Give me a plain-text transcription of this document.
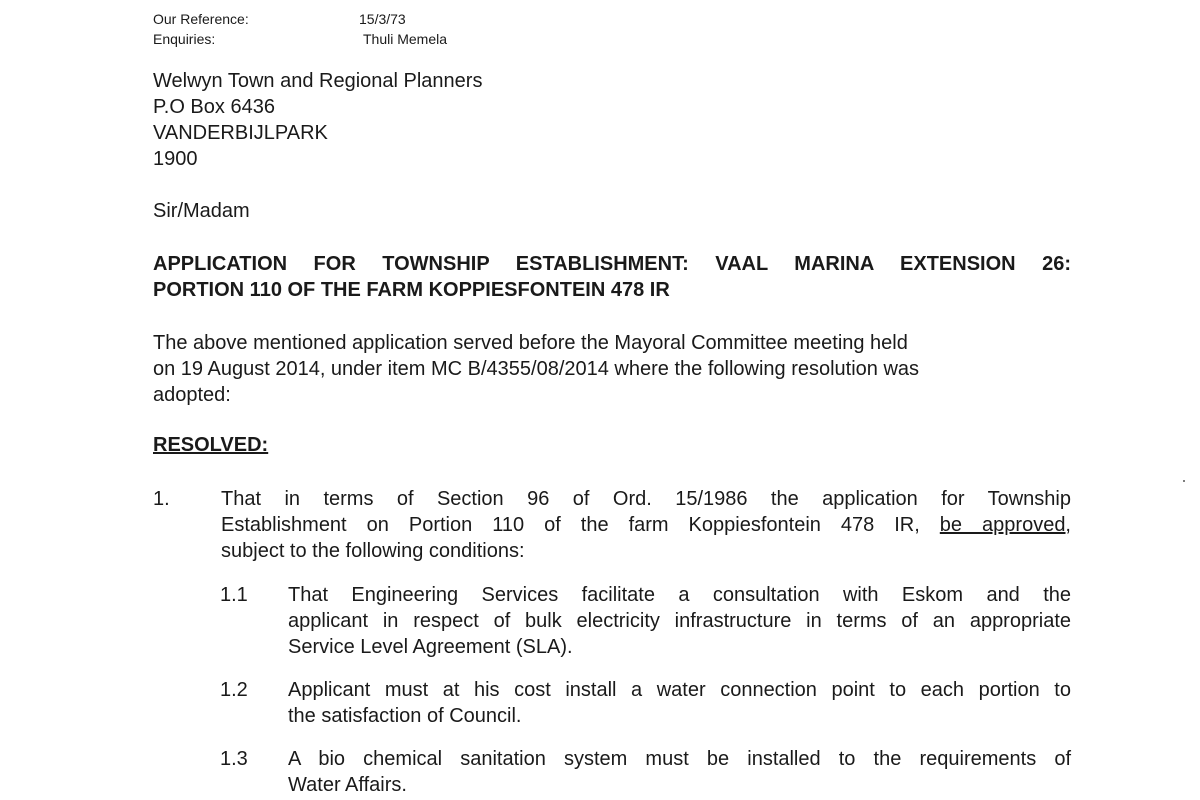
Our Reference:	15/3/73
Enquiries:	Thuli Memela
Welwyn Town and Regional Planners
P.O Box 6436
VANDERBIJLPARK
1900
Sir/Madam
APPLICATION FOR TOWNSHIP ESTABLISHMENT: VAAL MARINA EXTENSION 26:
PORTION 110 OF THE FARM KOPPIESFONTEIN 478 IR
The above mentioned application served before the Mayoral Committee meeting held
on 19 August 2014, under item MC B/4355/08/2014 where the following resolution was
adopted:
RESOLVED:
1.	That in terms of Section 96 of Ord. 15/1986 the application for Township
Establishment on Portion 110 of the farm Koppiesfontein 478 IR, be approved,
subject to the following conditions:
1.1 That Engineering Services facilitate a consultation with Eskom and the
applicant in respect of bulk electricity infrastructure in terms of an appropriate
Service Level Agreement (SLA).
1.2 Applicant must at his cost install a water connection point to each portion to
the satisfaction of Council.
1.3 A bio chemical sanitation system must be installed to the requirements of
Water Affairs.
